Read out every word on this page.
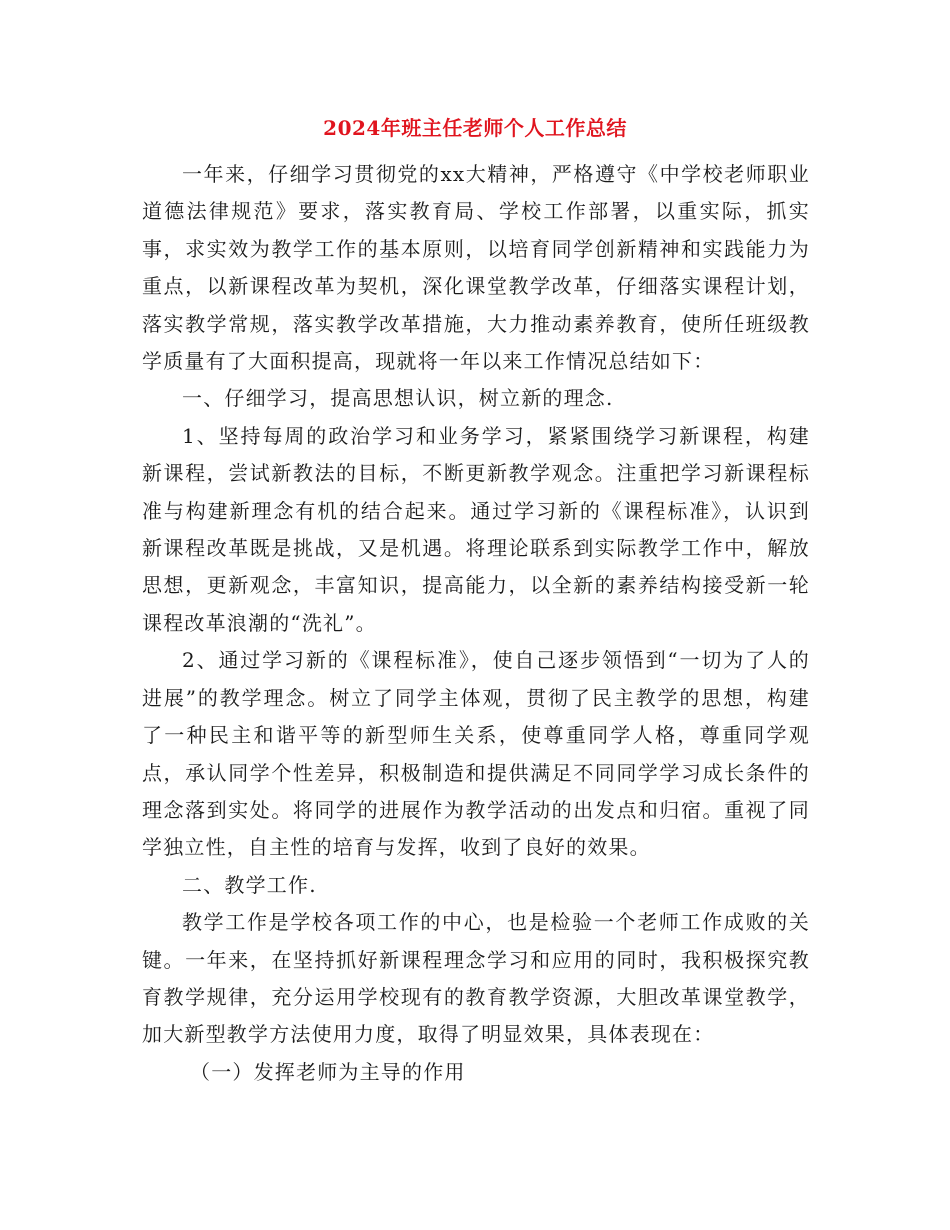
2024年班主任老师个人工作总结

一年来，仔细学习贯彻党的xx大精神，严格遵守《中学校老师职业道德法律规范》要求，落实教育局、学校工作部署，以重实际，抓实事，求实效为教学工作的基本原则，以培育同学创新精神和实践能力为重点，以新课程改革为契机，深化课堂教学改革，仔细落实课程计划，落实教学常规，落实教学改革措施，大力推动素养教育，使所任班级教学质量有了大面积提高，现就将一年以来工作情况总结如下：

一、仔细学习，提高思想认识，树立新的理念.

1、坚持每周的政治学习和业务学习，紧紧围绕学习新课程，构建新课程，尝试新教法的目标，不断更新教学观念。注重把学习新课程标准与构建新理念有机的结合起来。通过学习新的《课程标准》，认识到新课程改革既是挑战，又是机遇。将理论联系到实际教学工作中，解放思想，更新观念，丰富知识，提高能力，以全新的素养结构接受新一轮课程改革浪潮的“洗礼”。

2、通过学习新的《课程标准》，使自己逐步领悟到“一切为了人的进展”的教学理念。树立了同学主体观，贯彻了民主教学的思想，构建了一种民主和谐平等的新型师生关系，使尊重同学人格，尊重同学观点，承认同学个性差异，积极制造和提供满足不同同学学习成长条件的理念落到实处。将同学的进展作为教学活动的出发点和归宿。重视了同学独立性，自主性的培育与发挥，收到了良好的效果。

二、教学工作.

教学工作是学校各项工作的中心，也是检验一个老师工作成败的关键。一年来，在坚持抓好新课程理念学习和应用的同时，我积极探究教育教学规律，充分运用学校现有的教育教学资源，大胆改革课堂教学，加大新型教学方法使用力度，取得了明显效果，具体表现在：

（一）发挥老师为主导的作用
